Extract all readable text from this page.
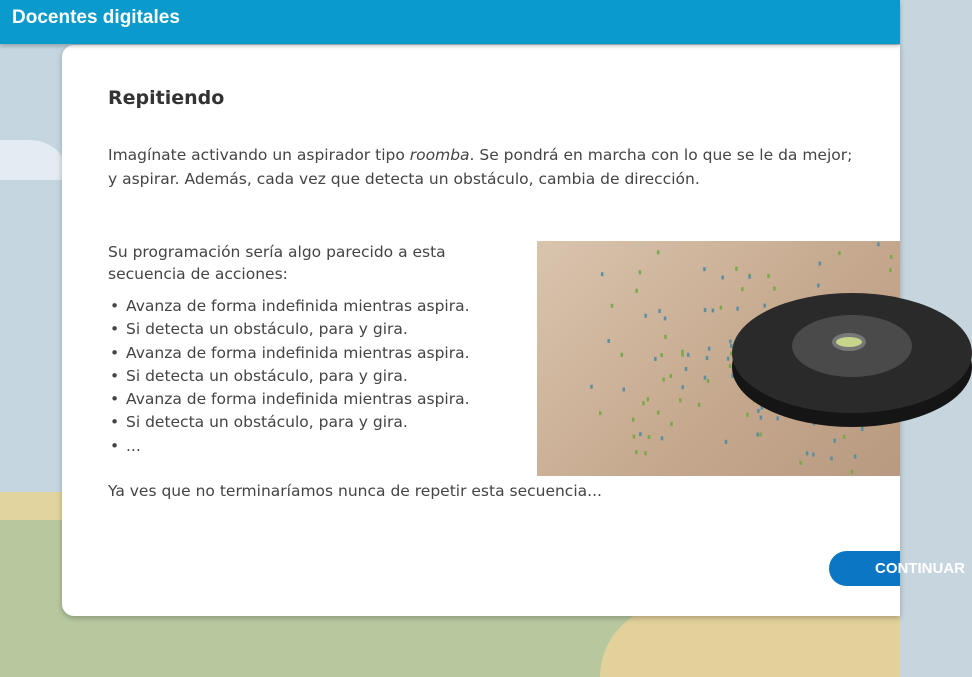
Docentes digitales
Repitiendo
Imagínate activando un aspirador tipo roomba. Se pondrá en marcha con lo que se le da mejor;
y aspirar. Además, cada vez que detecta un obstáculo, cambia de dirección.

Su programación sería algo parecido a esta secuencia de acciones:

• Avanza de forma indefinida mientras aspira.
• Si detecta un obstáculo, para y gira.
• Avanza de forma indefinida mientras aspira.
• Si detecta un obstáculo, para y gira.
• Avanza de forma indefinida mientras aspira.
• Si detecta un obstáculo, para y gira.
• ...

Ya ves que no terminaríamos nunca de repetir esta secuencia...

CONTINUAR
